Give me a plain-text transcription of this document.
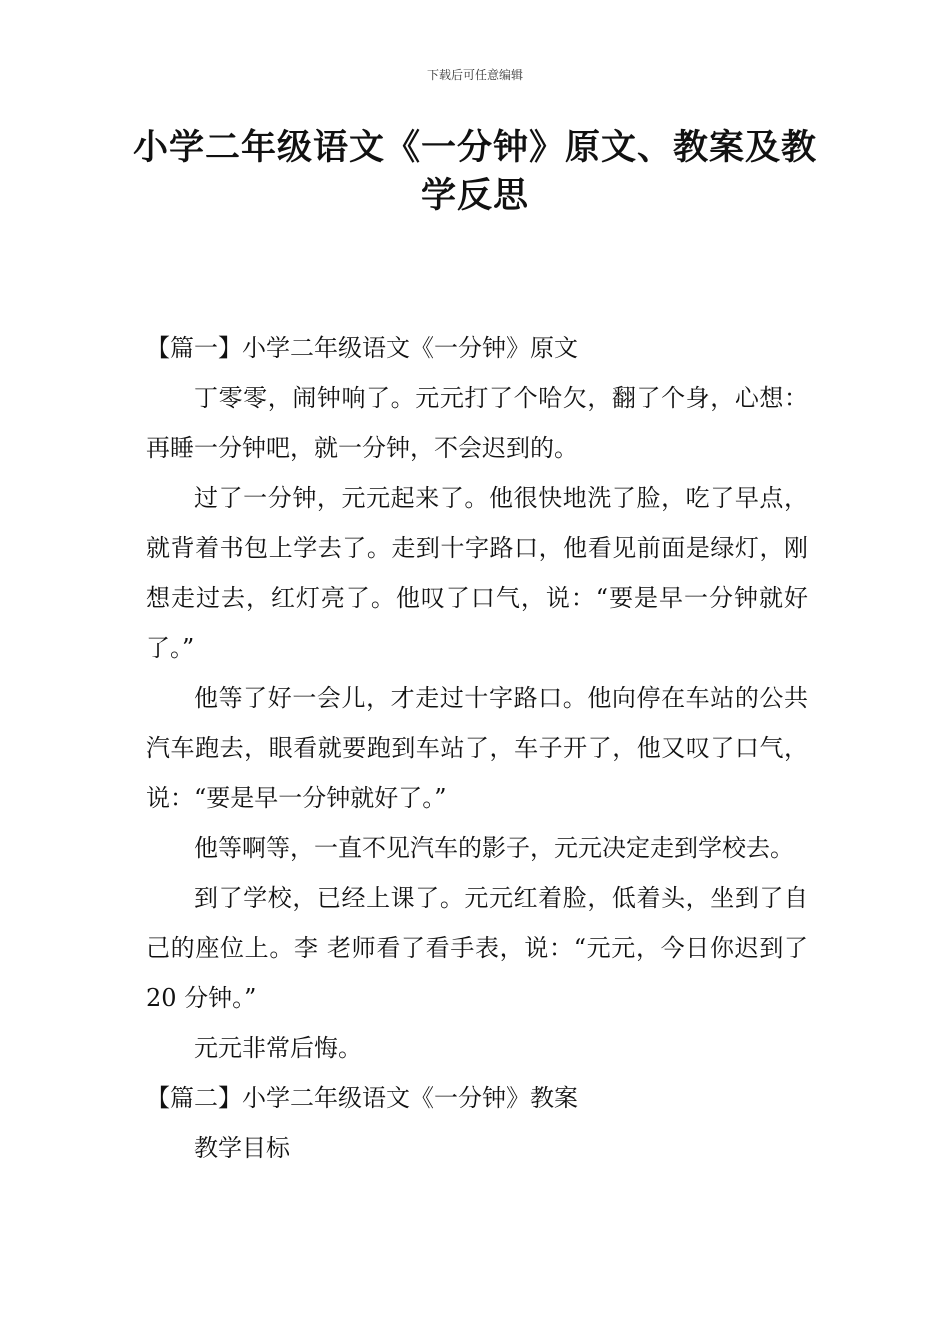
下载后可任意编辑
小学二年级语文《一分钟》原文、教案及教学反思

【篇一】小学二年级语文《一分钟》原文

丁零零，闹钟响了。元元打了个哈欠，翻了个身，心想：再睡一分钟吧，就一分钟，不会迟到的。

过了一分钟，元元起来了。他很快地洗了脸，吃了早点，就背着书包上学去了。走到十字路口，他看见前面是绿灯，刚想走过去，红灯亮了。他叹了口气，说：“要是早一分钟就好了。”

他等了好一会儿，才走过十字路口。他向停在车站的公共汽车跑去，眼看就要跑到车站了，车子开了，他又叹了口气，说：“要是早一分钟就好了。”

他等啊等，一直不见汽车的影子，元元决定走到学校去。

到了学校，已经上课了。元元红着脸，低着头，坐到了自己的座位上。李 老师看了看手表，说：“元元，今日你迟到了 20 分钟。”

元元非常后悔。

【篇二】小学二年级语文《一分钟》教案

教学目标
